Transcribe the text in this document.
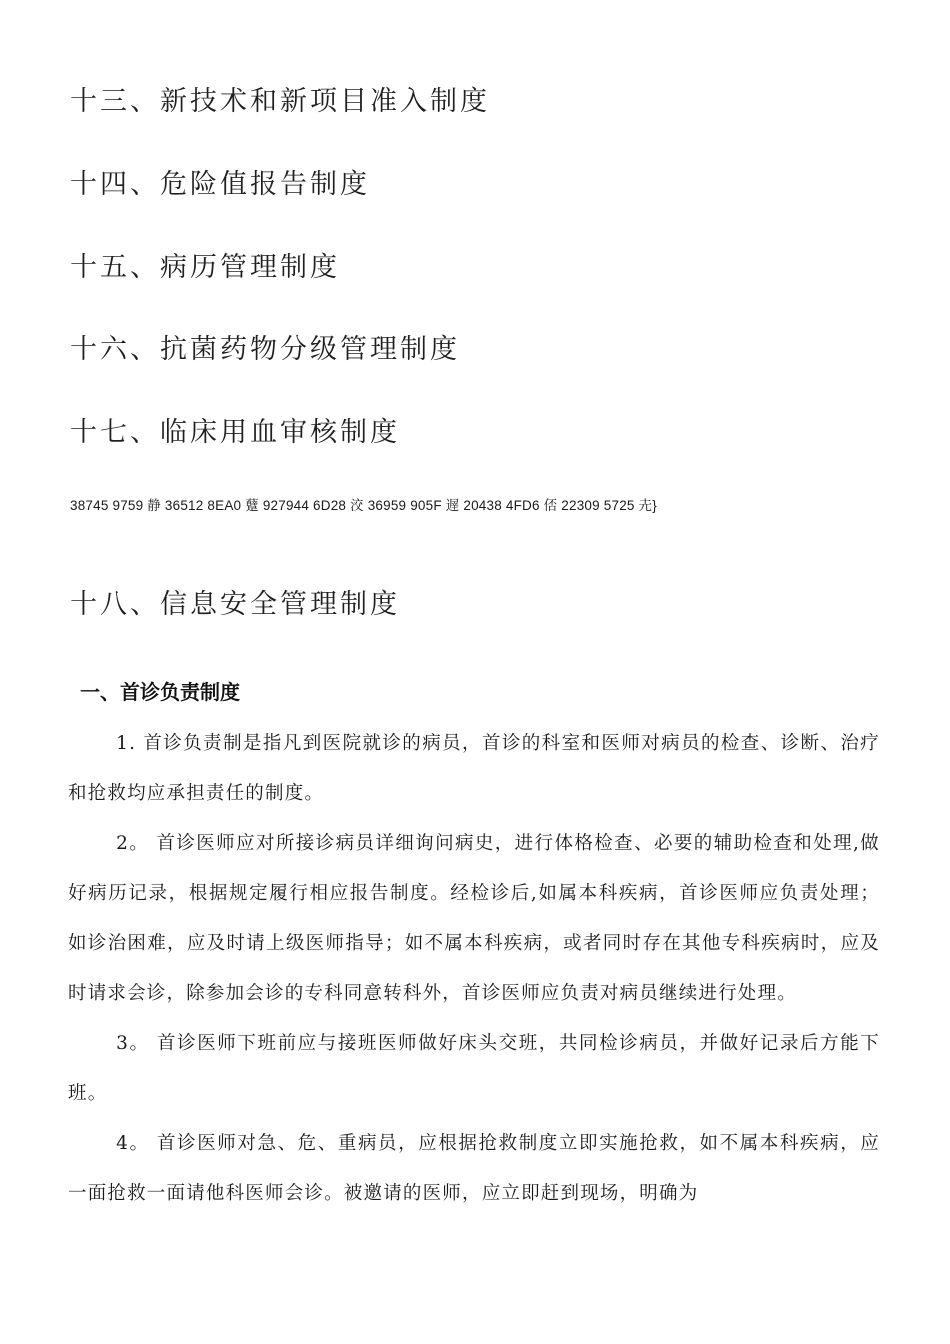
十三、新技术和新项目准入制度
十四、危险值报告制度
十五、病历管理制度
十六、抗菌药物分级管理制度
十七、临床用血审核制度
38745 9759 静 36512 8EA0 躠 927944 6D28 洨 36959 905F 遟 20438 4FD6 俖 22309 5725 圥}
十八、信息安全管理制度
一、首诊负责制度

1. 首诊负责制是指凡到医院就诊的病员，首诊的科室和医师对病员的检查、诊断、治疗和抢救均应承担责任的制度。

2。 首诊医师应对所接诊病员详细询问病史，进行体格检查、必要的辅助检查和处理,做好病历记录，根据规定履行相应报告制度。经检诊后,如属本科疾病，首诊医师应负责处理；如诊治困难，应及时请上级医师指导；如不属本科疾病，或者同时存在其他专科疾病时，应及时请求会诊，除参加会诊的专科同意转科外，首诊医师应负责对病员继续进行处理。

3。 首诊医师下班前应与接班医师做好床头交班，共同检诊病员，并做好记录后方能下班。

4。 首诊医师对急、危、重病员，应根据抢救制度立即实施抢救，如不属本科疾病，应一面抢救一面请他科医师会诊。被邀请的医师，应立即赶到现场，明确为
